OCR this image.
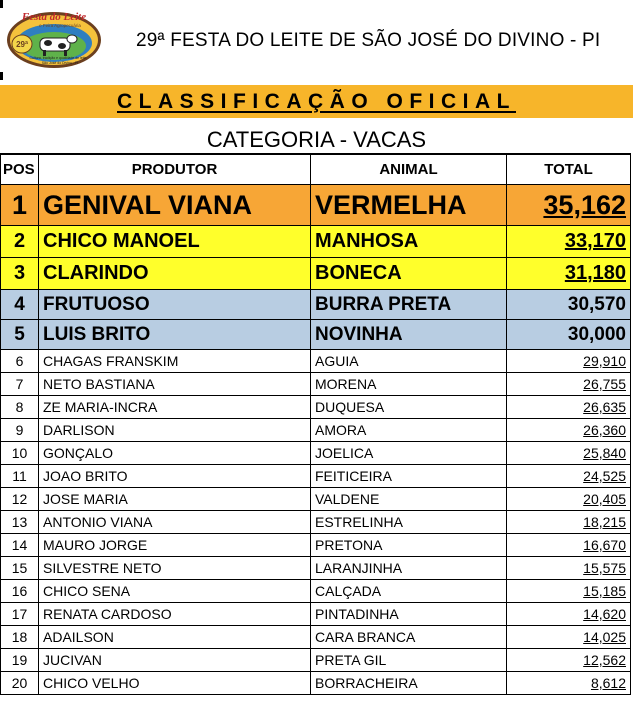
29ª
Festa do Leite
e Feira Agropecuária
Cultura, tradição e qualidade de leite
São José do Divino - PI
29ª FESTA DO LEITE DE SÃO JOSÉ DO DIVINO - PI
CLASSIFICAÇÃO OFICIAL
CATEGORIA - VACAS
POS	PRODUTOR	ANIMAL	TOTAL
1	GENIVAL VIANA	VERMELHA	35,162
2	CHICO MANOEL	MANHOSA	33,170
3	CLARINDO	BONECA	31,180
4	FRUTUOSO	BURRA PRETA	30,570
5	LUIS BRITO	NOVINHA	30,000
6	CHAGAS FRANSKIM	AGUIA	29,910
7	NETO BASTIANA	MORENA	26,755
8	ZE MARIA-INCRA	DUQUESA	26,635
9	DARLISON	AMORA	26,360
10	GONÇALO	JOELICA	25,840
11	JOAO BRITO	FEITICEIRA	24,525
12	JOSE MARIA	VALDENE	20,405
13	ANTONIO VIANA	ESTRELINHA	18,215
14	MAURO JORGE	PRETONA	16,670
15	SILVESTRE NETO	LARANJINHA	15,575
16	CHICO SENA	CALÇADA	15,185
17	RENATA CARDOSO	PINTADINHA	14,620
18	ADAILSON	CARA BRANCA	14,025
19	JUCIVAN	PRETA GIL	12,562
20	CHICO VELHO	BORRACHEIRA	8,612
